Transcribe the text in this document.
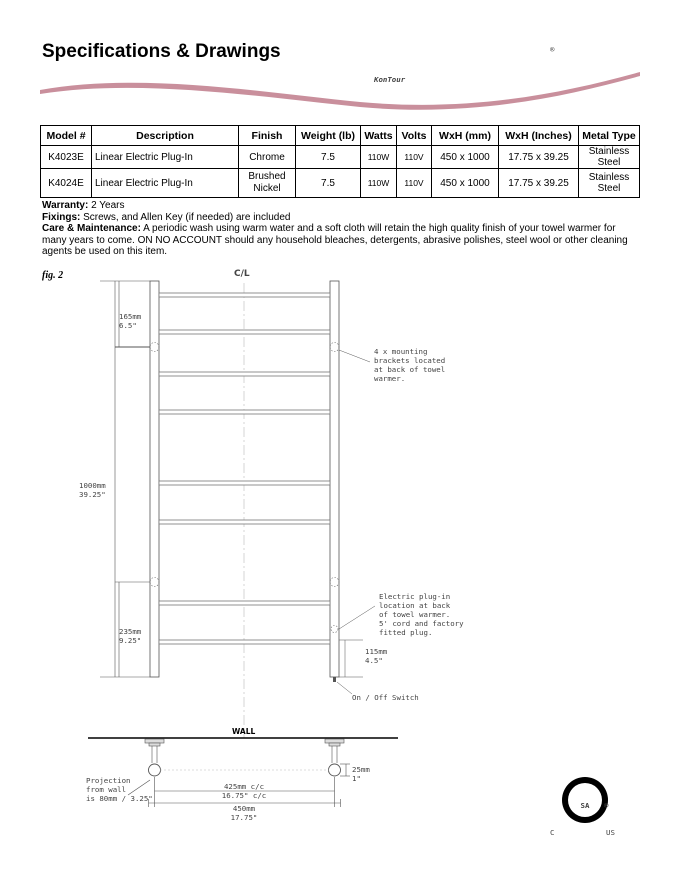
Specifications & Drawings
KonTour
®
Model #	Description	Finish	Weight (lb)	Watts	Volts	WxH (mm)	WxH (Inches)	Metal Type
K4023E	Linear Electric Plug-In	Chrome	7.5	110W	110V	450 x 1000	17.75 x 39.25	Stainless Steel
K4024E	Linear Electric Plug-In	Brushed Nickel	7.5	110W	110V	450 x 1000	17.75 x 39.25	Stainless Steel

Warranty: 2 Years

Fixings: Screws, and Allen Key (if needed) are included

Care & Maintenance: A periodic wash using warm water and a soft cloth will retain the high quality finish of your towel warmer for many years to come. ON NO ACCOUNT should any household bleaches, detergents, abrasive polishes, steel wool or other cleaning agents be used on this item.

fig. 2	C/L
165mm
6.5"
1000mm
39.25"
235mm
9.25"
4 x mounting
brackets located
at back of towel
warmer.
Electric plug-in
location at back
of towel warmer.
5' cord and factory
fitted plug.
115mm
4.5"
On / Off Switch
WALL
25mm
1"
Projection
from wall
is 80mm / 3.25"
425mm c/c
16.75" c/c
450mm
17.75"
SA ®
C	US
